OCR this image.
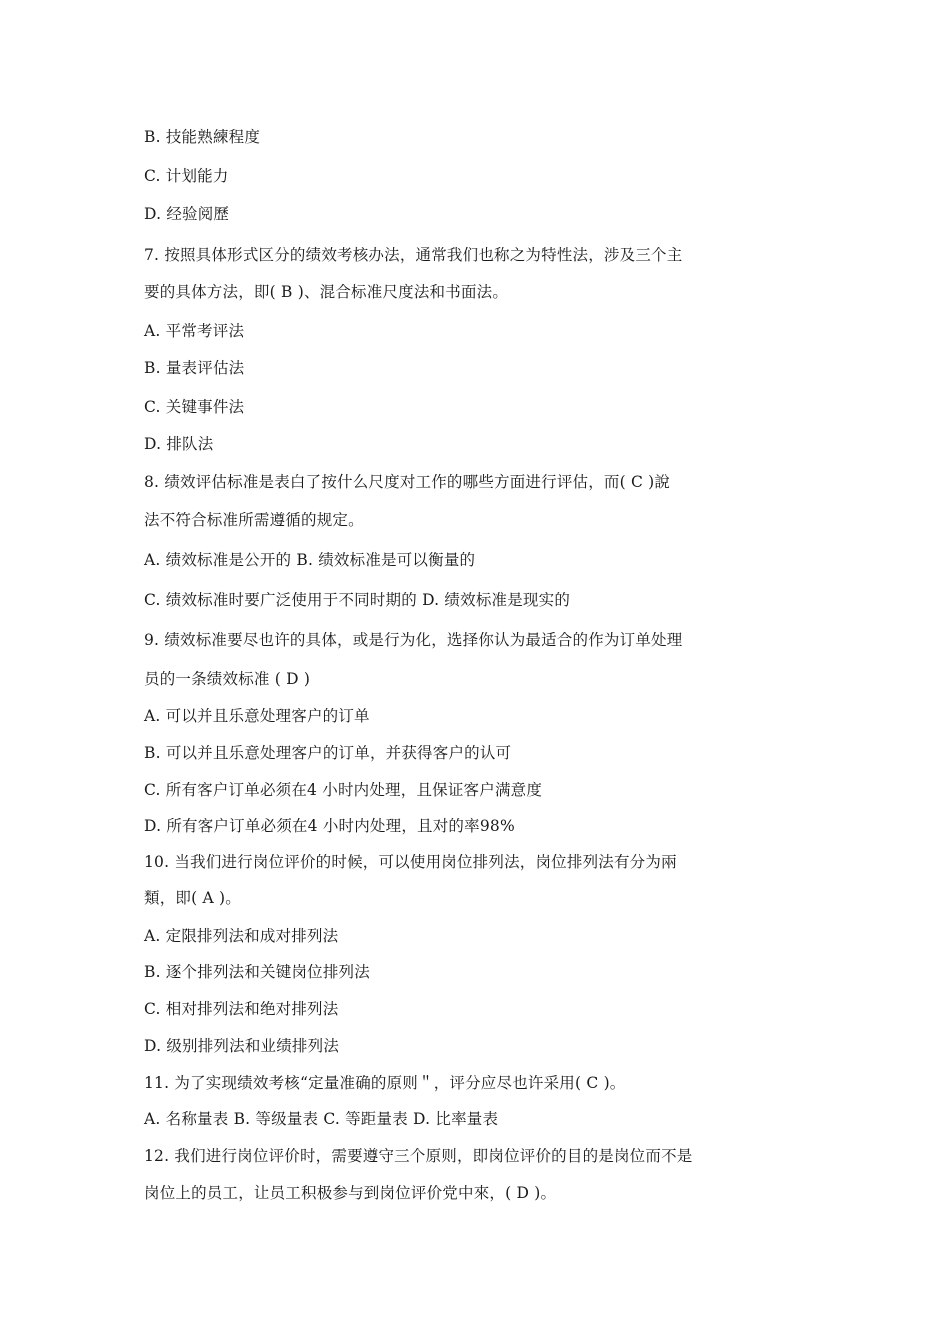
B. 技能熟練程度
C. 计划能力
D. 经验阅歷
7. 按照具体形式区分的绩效考核办法，通常我们也称之为特性法，涉及三个主
要的具体方法，即( B )、混合标准尺度法和书面法。
A. 平常考评法
B. 量表评估法
C. 关键事件法
D. 排队法
8. 绩效评估标准是表白了按什么尺度对工作的哪些方面进行评估，而( C )說
法不符合标准所需遵循的规定。
A. 绩效标准是公开的 B. 绩效标准是可以衡量的
C. 绩效标准时要广泛使用于不同时期的 D. 绩效标准是现实的
9. 绩效标准要尽也许的具体，或是行为化，选择你认为最适合的作为订单处理
员的一条绩效标准 ( D )
A. 可以并且乐意处理客户的订单
B. 可以并且乐意处理客户的订单，并获得客户的认可
C. 所有客户订单必须在4 小时内处理，且保证客户满意度
D. 所有客户订单必须在4 小时内处理，且对的率98%
10. 当我们进行岗位评价的时候，可以使用岗位排列法，岗位排列法有分为兩
類，即( A )。
A. 定限排列法和成对排列法
B. 逐个排列法和关键岗位排列法
C. 相对排列法和绝对排列法
D. 级别排列法和业绩排列法
11. 为了实现绩效考核“定量准确的原则＂，评分应尽也许采用( C )。
A. 名称量表 B. 等级量表 C. 等距量表 D. 比率量表
12. 我们进行岗位评价时，需要遵守三个原则，即岗位评价的目的是岗位而不是
岗位上的员工，让员工积极参与到岗位评价党中來，( D )。
